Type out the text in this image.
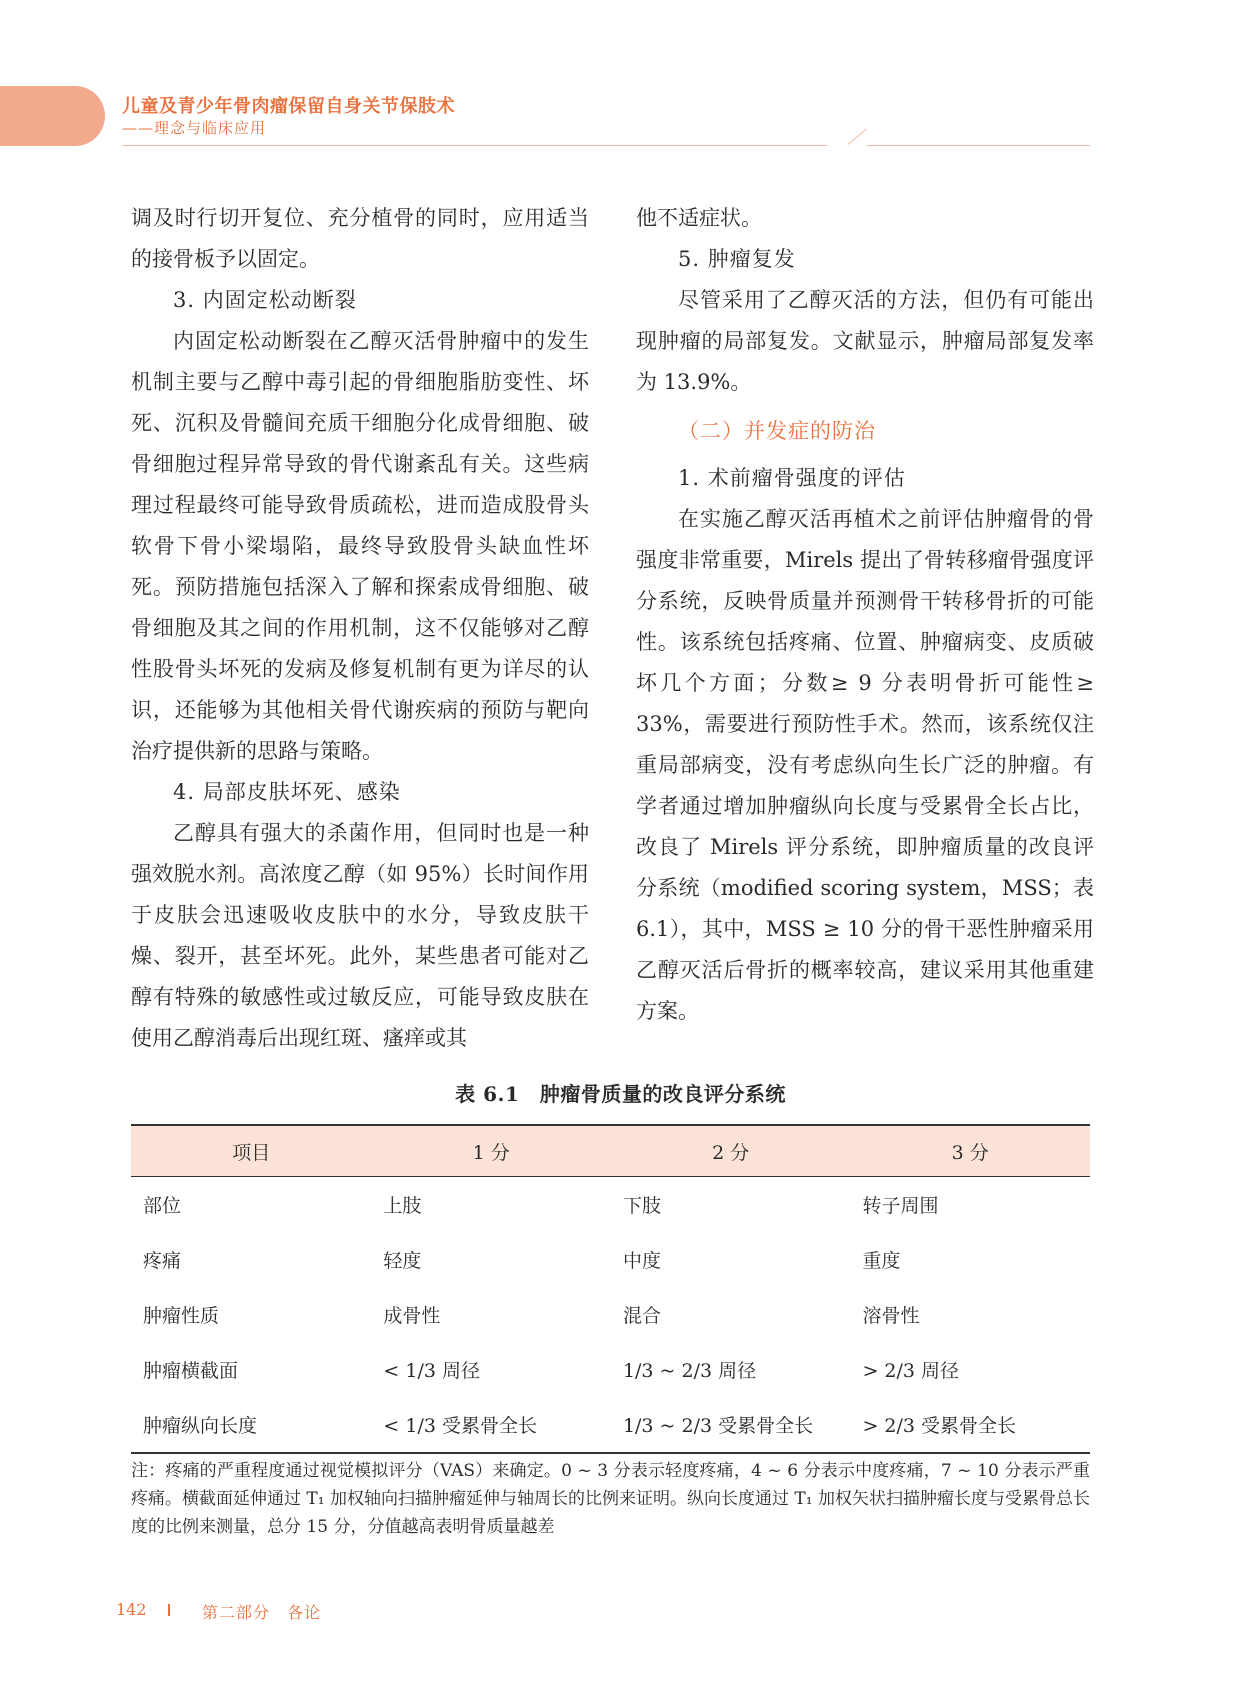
儿童及青少年骨肉瘤保留自身关节保肢术
——理念与临床应用

调及时行切开复位、充分植骨的同时，应用适当的接骨板予以固定。

3. 内固定松动断裂

内固定松动断裂在乙醇灭活骨肿瘤中的发生机制主要与乙醇中毒引起的骨细胞脂肪变性、坏死、沉积及骨髓间充质干细胞分化成骨细胞、破骨细胞过程异常导致的骨代谢紊乱有关。这些病理过程最终可能导致骨质疏松，进而造成股骨头软骨下骨小梁塌陷，最终导致股骨头缺血性坏死。预防措施包括深入了解和探索成骨细胞、破骨细胞及其之间的作用机制，这不仅能够对乙醇性股骨头坏死的发病及修复机制有更为详尽的认识，还能够为其他相关骨代谢疾病的预防与靶向治疗提供新的思路与策略。

4. 局部皮肤坏死、感染

乙醇具有强大的杀菌作用，但同时也是一种强效脱水剂。高浓度乙醇（如 95%）长时间作用于皮肤会迅速吸收皮肤中的水分，导致皮肤干燥、裂开，甚至坏死。此外，某些患者可能对乙醇有特殊的敏感性或过敏反应，可能导致皮肤在使用乙醇消毒后出现红斑、瘙痒或其

他不适症状。

5. 肿瘤复发

尽管采用了乙醇灭活的方法，但仍有可能出现肿瘤的局部复发。文献显示，肿瘤局部复发率为 13.9%。

（二）并发症的防治

1. 术前瘤骨强度的评估

在实施乙醇灭活再植术之前评估肿瘤骨的骨强度非常重要，Mirels 提出了骨转移瘤骨强度评分系统，反映骨质量并预测骨干转移骨折的可能性。该系统包括疼痛、位置、肿瘤病变、皮质破坏几个方面；分数≥ 9 分表明骨折可能性≥ 33%，需要进行预防性手术。然而，该系统仅注重局部病变，没有考虑纵向生长广泛的肿瘤。有学者通过增加肿瘤纵向长度与受累骨全长占比，改良了 Mirels 评分系统，即肿瘤质量的改良评分系统（modified scoring system，MSS；表 6.1），其中，MSS ≥ 10 分的骨干恶性肿瘤采用乙醇灭活后骨折的概率较高，建议采用其他重建方案。

表 6.1　肿瘤骨质量的改良评分系统
项目	1 分	2 分	3 分
部位	上肢	下肢	转子周围
疼痛	轻度	中度	重度
肿瘤性质	成骨性	混合	溶骨性
肿瘤横截面	< 1/3 周径	1/3 ~ 2/3 周径	> 2/3 周径
肿瘤纵向长度	< 1/3 受累骨全长	1/3 ~ 2/3 受累骨全长	> 2/3 受累骨全长
注：疼痛的严重程度通过视觉模拟评分（VAS）来确定。0 ~ 3 分表示轻度疼痛，4 ~ 6 分表示中度疼痛，7 ~ 10 分表示严重疼痛。横截面延伸通过 T₁ 加权轴向扫描肿瘤延伸与轴周长的比例来证明。纵向长度通过 T₁ 加权矢状扫描肿瘤长度与受累骨总长度的比例来测量，总分 15 分，分值越高表明骨质量越差
142	第二部分　各论
